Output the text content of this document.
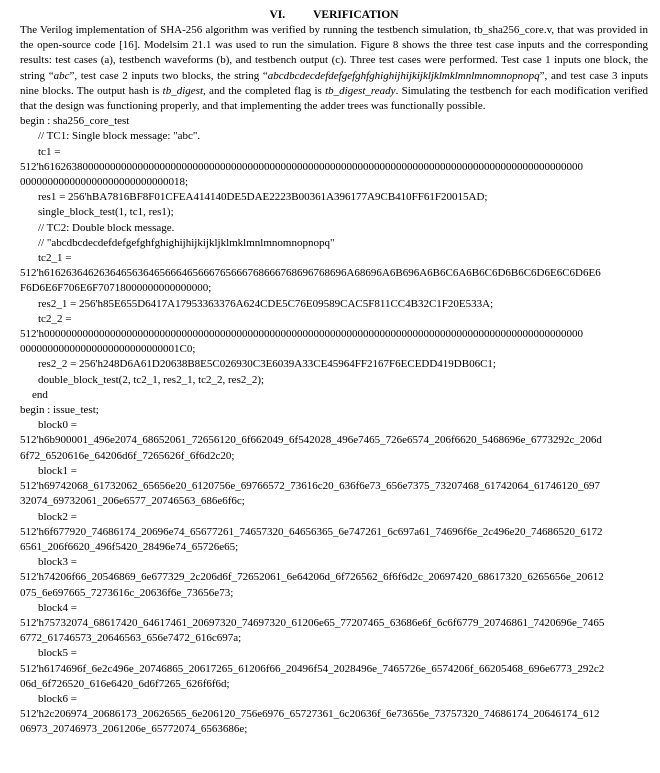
VI. VERIFICATION

The Verilog implementation of SHA-256 algorithm was verified by running the testbench simulation, tb_sha256_core.v, that was provided in the open-source code [16]. Modelsim 21.1 was used to run the simulation. Figure 8 shows the three test case inputs and the corresponding results: test cases (a), testbench waveforms (b), and testbench output (c). Three test cases were performed. Test case 1 inputs one block, the string “abc”, test case 2 inputs two blocks, the string “abcdbcdecdefdefgefghfghighijhijkijkljklmklmnlmnomnopnopq”, and test case 3 inputs nine blocks. The output hash is tb_digest, and the completed flag is tb_digest_ready. Simulating the testbench for each modification verified that the design was functioning properly, and that implementing the adder trees was functionally possible.

begin : sha256_core_test
// TC1: Single block message: "abc".
tc1 =
512'h61626380000000000000000000000000000000000000000000000000000000000000000000000000000000000000000000
000000000000000000000000000018;
res1 = 256'hBA7816BF8F01CFEA414140DE5DAE2223B00361A396177A9CB410FF61F20015AD;
single_block_test(1, tc1, res1);
// TC2: Double block message.
// "abcdbcdecdefdefgefghfghighijhijkijkljklmklmnlmnomnopnopq"
tc2_1 =
512'h6162636462636465636465666465666765666768666768696768696A68696A6B696A6B6C6A6B6C6D6B6C6D6E6C6D6E6
F6D6E6F706E6F70718000000000000000;
res2_1 = 256'h85E655D6417A17953363376A624CDE5C76E09589CAC5F811CC4B32C1F20E533A;
tc2_2 =
512'h00000000000000000000000000000000000000000000000000000000000000000000000000000000000000000000000000
00000000000000000000000000001C0;
res2_2 = 256'h248D6A61D20638B8E5C026930C3E6039A33CE45964FF2167F6ECEDD419DB06C1;
double_block_test(2, tc2_1, res2_1, tc2_2, res2_2);
end
begin : issue_test;
block0 =
512'h6b900001_496e2074_68652061_72656120_6f662049_6f542028_496e7465_726e6574_206f6620_5468696e_6773292c_206d
6f72_6520616e_64206d6f_7265626f_6f6d2c20;
block1 =
512'h69742068_61732062_65656e20_6120756e_69766572_73616c20_636f6e73_656e7375_73207468_61742064_61746120_697
32074_69732061_206e6577_20746563_686e6f6c;
block2 =
512'h6f677920_74686174_20696e74_65677261_74657320_64656365_6e747261_6c697a61_74696f6e_2c496e20_74686520_6172
6561_206f6620_496f5420_28496e74_65726e65;
block3 =
512'h74206f66_20546869_6e677329_2c206d6f_72652061_6e64206d_6f726562_6f6f6d2c_20697420_68617320_6265656e_20612
075_6e697665_7273616c_20636f6e_73656e73;
block4 =
512'h75732074_68617420_64617461_20697320_74697320_61206e65_77207465_63686e6f_6c6f6779_20746861_7420696e_7465
6772_61746573_20646563_656e7472_616c697a;
block5 =
512'h6174696f_6e2c496e_20746865_20617265_61206f66_20496f54_2028496e_7465726e_6574206f_66205468_696e6773_292c2
06d_6f726520_616e6420_6d6f7265_626f6f6d;
block6 =
512'h2c206974_20686173_20626565_6e206120_756e6976_65727361_6c20636f_6e73656e_73757320_74686174_20646174_612
06973_20746973_2061206e_65772074_6563686e;
